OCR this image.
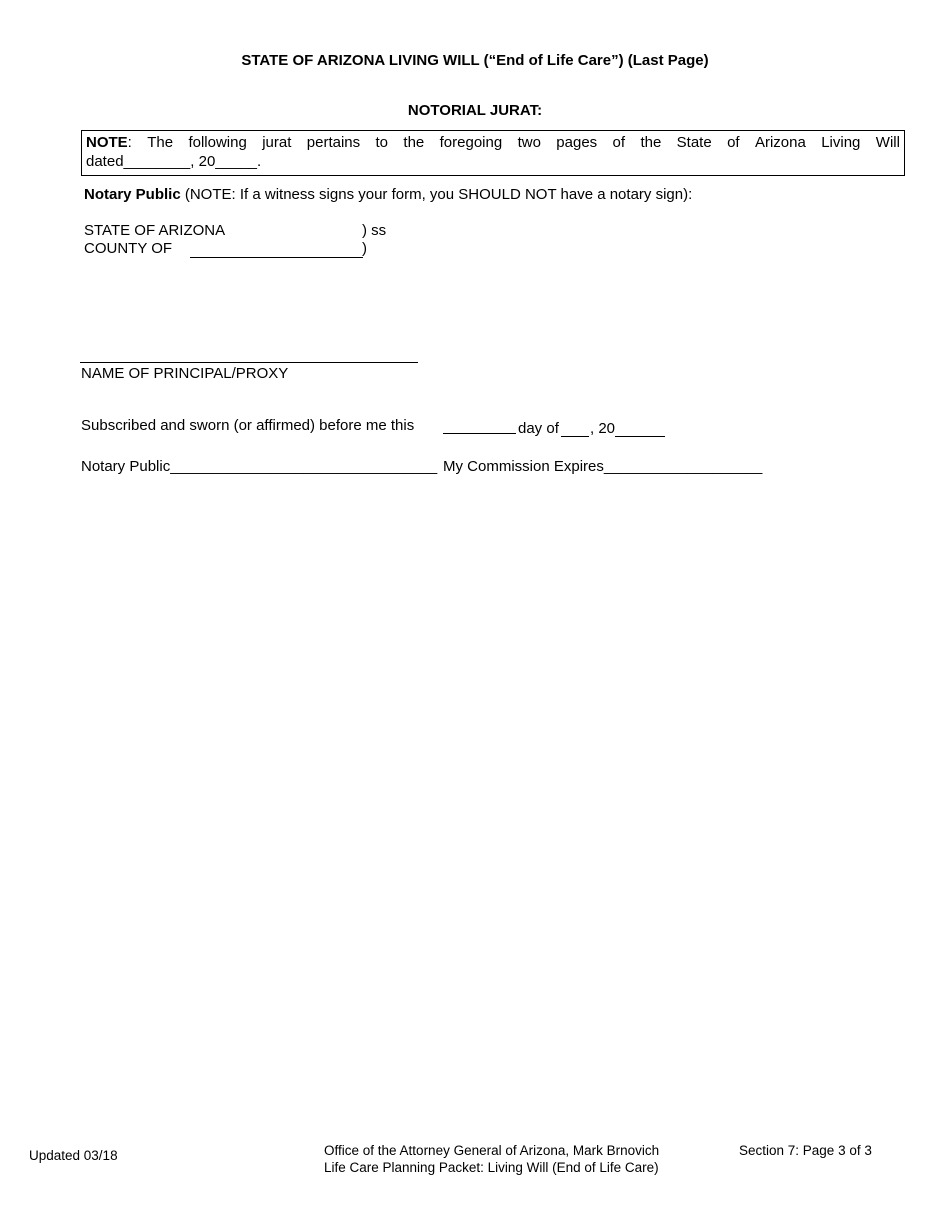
STATE OF ARIZONA LIVING WILL (“End of Life Care”) (Last Page)
NOTORIAL JURAT:
NOTE: The following jurat pertains to the foregoing two pages of the State of Arizona Living Will
dated________, 20_____.
Notary Public (NOTE: If a witness signs your form, you SHOULD NOT have a notary sign):
STATE OF ARIZONA	) ss
COUNTY OF	)
NAME OF PRINCIPAL/PROXY
Subscribed and sworn (or affirmed) before me this	day of , 20
Notary Public________________________________ My Commission Expires___________________
Updated 03/18	Office of the Attorney General of Arizona, Mark Brnovich
Life Care Planning Packet: Living Will (End of Life Care)
Section 7: Page 3 of 3
